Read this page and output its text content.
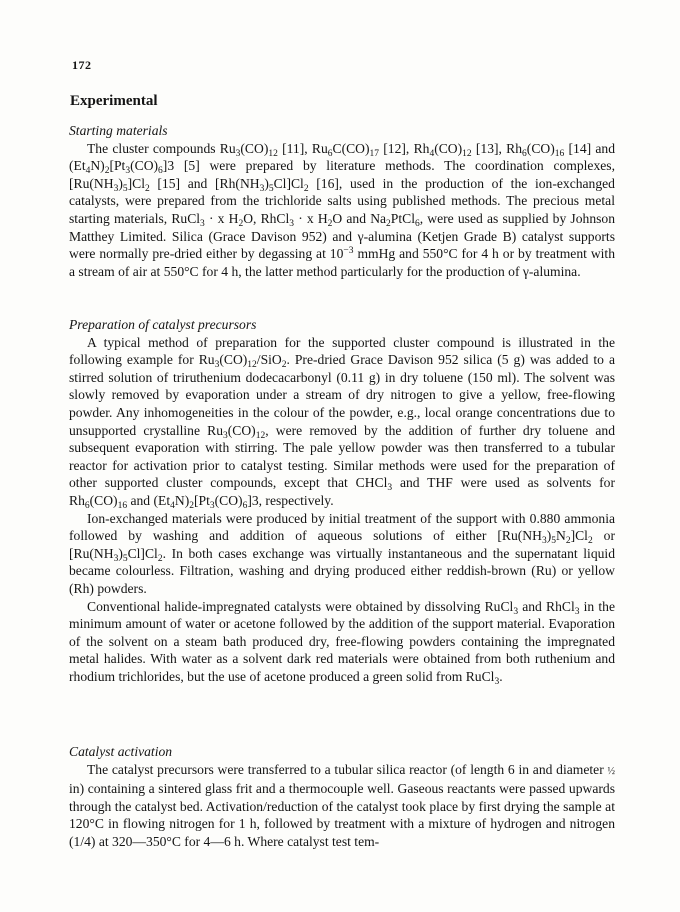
172
Experimental
Starting materials
The cluster compounds $Ru_3(CO)_{12}$ [11], $Ru_6C(CO)_{17}$ [12], $Rh_4(CO)_{12}$ [13], $Rh_6(CO)_{16}$ [14] and $(Et_4N)_2[Pt_3(CO)_6]3$ [5] were prepared by literature methods. The coordination complexes, $[Ru(NH_3)_5]Cl_2$ [15] and $[Rh(NH_3)_5Cl]Cl_2$ [16], used in the production of the ion-exchanged catalysts, were prepared from the trichloride salts using published methods. The precious metal starting materials, RuCl$_3$ · x $H_2O$, RhCl$_3$ · x $H_2O$ and $Na_2PtCl_6$, were used as supplied by Johnson Matthey Limited. Silica (Grace Davison 952) and γ-alumina (Ketjen Grade B) catalyst supports were normally pre-dried either by degassing at $10^{-3}$ mmHg and 550°C for 4 h or by treatment with a stream of air at 550°C for 4 h, the latter method particularly for the production of γ-alumina.
Preparation of catalyst precursors
A typical method of preparation for the supported cluster compound is illustrated in the following example for $Ru_3(CO)_{12}/SiO_2$. Pre-dried Grace Davison 952 silica (5 g) was added to a stirred solution of triruthenium dodecacarbonyl (0.11 g) in dry toluene (150 ml). The solvent was slowly removed by evaporation under a stream of dry nitrogen to give a yellow, free-flowing powder. Any inhomogeneities in the colour of the powder, e.g., local orange concentrations due to unsupported crystalline $Ru_3(CO)_{12}$, were removed by the addition of further dry toluene and subsequent evaporation with stirring. The pale yellow powder was then transferred to a tubular reactor for activation prior to catalyst testing. Similar methods were used for the preparation of other supported cluster compounds, except that CHCl$_3$ and THF were used as solvents for $Rh_6(CO)_{16}$ and $(Et_4N)_2[Pt_3(CO)_6]3$, respectively.
Ion-exchanged materials were produced by initial treatment of the support with 0.880 ammonia followed by washing and addition of aqueous solutions of either $[Ru(NH_3)_5N_2]Cl_2$ or $[Ru(NH_3)_5Cl]Cl_2$. In both cases exchange was virtually instantaneous and the supernatant liquid became colourless. Filtration, washing and drying produced either reddish-brown (Ru) or yellow (Rh) powders.
Conventional halide-impregnated catalysts were obtained by dissolving RuCl$_3$ and RhCl$_3$ in the minimum amount of water or acetone followed by the addition of the support material. Evaporation of the solvent on a steam bath produced dry, free-flowing powders containing the impregnated metal halides. With water as a solvent dark red materials were obtained from both ruthenium and rhodium trichlorides, but the use of acetone produced a green solid from RuCl$_3$.
Catalyst activation
The catalyst precursors were transferred to a tubular silica reactor (of length 6 in and diameter ½ in) containing a sintered glass frit and a thermocouple well. Gaseous reactants were passed upwards through the catalyst bed. Activation/reduction of the catalyst took place by first drying the sample at 120°C in flowing nitrogen for 1 h, followed by treatment with a mixture of hydrogen and nitrogen (1/4) at 320—350°C for 4—6 h. Where catalyst test tem-
